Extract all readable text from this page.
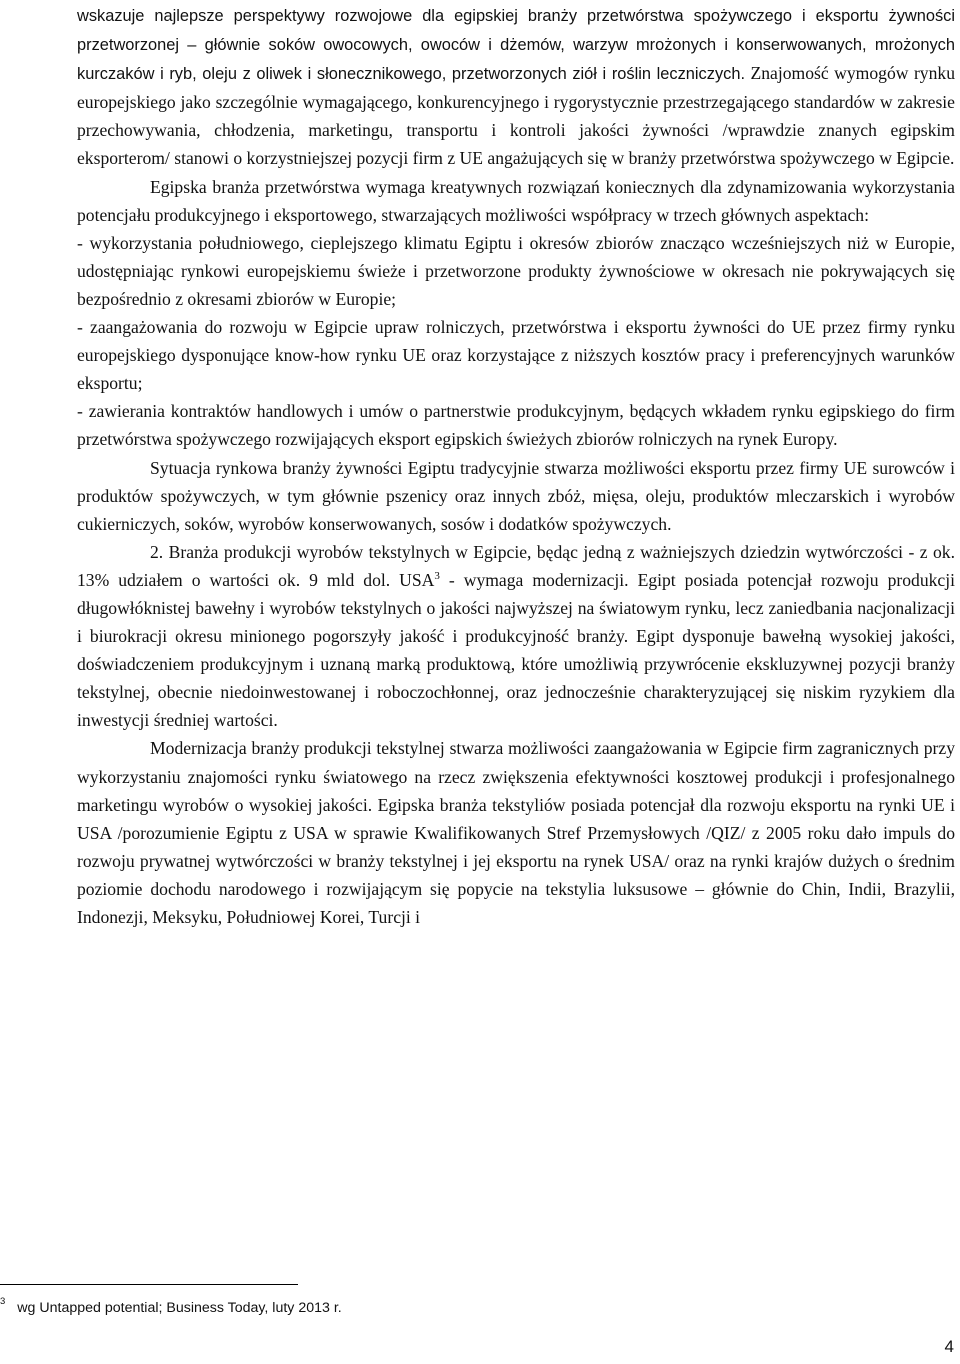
wskazuje najlepsze perspektywy rozwojowe dla egipskiej branży przetwórstwa spożywczego i eksportu żywności przetworzonej – głównie soków owocowych, owoców i dżemów, warzyw mrożonych i konserwowanych, mrożonych kurczaków i ryb, oleju z oliwek i słonecznikowego, przetworzonych ziół i roślin leczniczych. Znajomość wymogów rynku europejskiego jako szczególnie wymagającego, konkurencyjnego i rygorystycznie przestrzegającego standardów w zakresie przechowywania, chłodzenia, marketingu, transportu i kontroli jakości żywności /wprawdzie znanych egipskim eksporterom/ stanowi o korzystniejszej pozycji firm z UE angażujących się w branży przetwórstwa spożywczego w Egipcie.

Egipska branża przetwórstwa wymaga kreatywnych rozwiązań koniecznych dla zdynamizowania wykorzystania potencjału produkcyjnego i eksportowego, stwarzających możliwości współpracy w trzech głównych aspektach:

- wykorzystania południowego, cieplejszego klimatu Egiptu i okresów zbiorów znacząco wcześniejszych niż w Europie, udostępniając rynkowi europejskiemu świeże i przetworzone produkty żywnościowe w okresach nie pokrywających się bezpośrednio z okresami zbiorów w Europie;

- zaangażowania do rozwoju w Egipcie upraw rolniczych, przetwórstwa i eksportu żywności do UE przez firmy rynku europejskiego dysponujące know-how rynku UE oraz korzystające z niższych kosztów pracy i preferencyjnych warunków eksportu;

- zawierania kontraktów handlowych i umów o partnerstwie produkcyjnym, będących wkładem rynku egipskiego do firm przetwórstwa spożywczego rozwijających eksport egipskich świeżych zbiorów rolniczych na rynek Europy.

Sytuacja rynkowa branży żywności Egiptu tradycyjnie stwarza możliwości eksportu przez firmy UE surowców i produktów spożywczych, w tym głównie pszenicy oraz innych zbóż, mięsa, oleju, produktów mleczarskich i wyrobów cukierniczych, soków, wyrobów konserwowanych, sosów i dodatków spożywczych.

2. Branża produkcji wyrobów tekstylnych w Egipcie, będąc jedną z ważniejszych dziedzin wytwórczości - z ok. 13% udziałem o wartości ok. 9 mld dol. USA$^3$ - wymaga modernizacji. Egipt posiada potencjał rozwoju produkcji długowłóknistej bawełny i wyrobów tekstylnych o jakości najwyższej na światowym rynku, lecz zaniedbania nacjonalizacji i biurokracji okresu minionego pogorszyły jakość i produkcyjność branży. Egipt dysponuje bawełną wysokiej jakości, doświadczeniem produkcyjnym i uznaną marką produktową, które umożliwią przywrócenie ekskluzywnej pozycji branży tekstylnej, obecnie niedoinwestowanej i roboczochłonnej, oraz jednocześnie charakteryzującej się niskim ryzykiem dla inwestycji średniej wartości.

Modernizacja branży produkcji tekstylnej stwarza możliwości zaangażowania w Egipcie firm zagranicznych przy wykorzystaniu znajomości rynku światowego na rzecz zwiększenia efektywności kosztowej produkcji i profesjonalnego marketingu wyrobów o wysokiej jakości. Egipska branża tekstyliów posiada potencjał dla rozwoju eksportu na rynki UE i USA /porozumienie Egiptu z USA w sprawie Kwalifikowanych Stref Przemysłowych /QIZ/ z 2005 roku dało impuls do rozwoju prywatnej wytwórczości w branży tekstylnej i jej eksportu na rynek USA/ oraz na rynki krajów dużych o średnim poziomie dochodu narodowego i rozwijającym się popycie na tekstylia luksusowe – głównie do Chin, Indii, Brazylii, Indonezji, Meksyku, Południowej Korei, Turcji i

$^3$ wg Untapped potential; Business Today, luty 2013 r.
4
